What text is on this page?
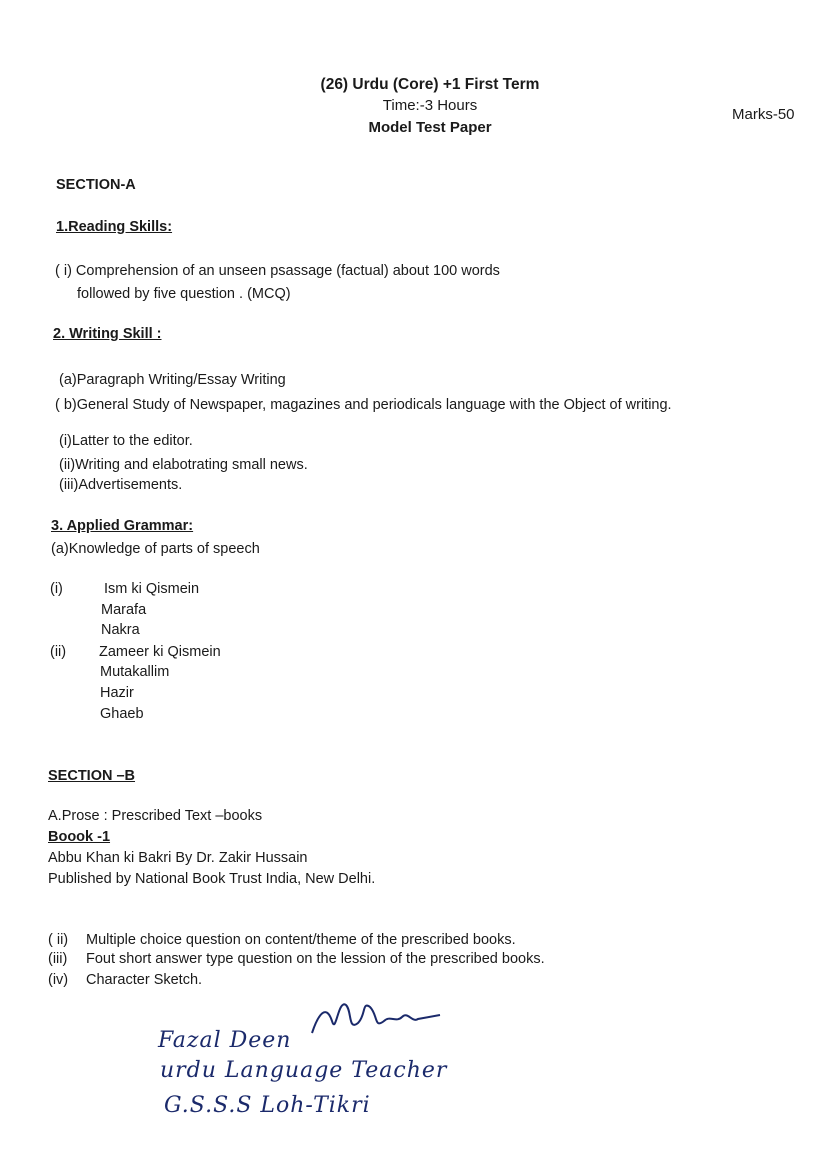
(26) Urdu (Core) +1 First Term
Time:-3 Hours
Model Test Paper
Marks-50
SECTION-A
1.Reading Skills:
( i) Comprehension of an unseen psassage (factual) about 100 words
followed by five question . (MCQ)
2. Writing Skill :
(a)Paragraph Writing/Essay Writing
( b)General Study of Newspaper, magazines and periodicals language with the Object of writing.
(i)Latter to the editor.
(ii)Writing and elabotrating small news.
(iii)Advertisements.
3. Applied Grammar:
(a)Knowledge of parts of speech
(i)	Ism ki Qismein
Marafa
Nakra
(ii) Zameer ki Qismein
Mutakallim
Hazir
Ghaeb
SECTION –B
A.Prose : Prescribed Text –books
Boook -1
Abbu Khan ki Bakri By Dr. Zakir Hussain
Published by National Book Trust India, New Delhi.
( ii) Multiple choice question on content/theme of the prescribed books.
(iii) Fout short answer type question on the lession of the prescribed books.
(iv) Character Sketch.
Fazal Deen
urdu Language Teacher
G.S.S.S Loh-Tikri
